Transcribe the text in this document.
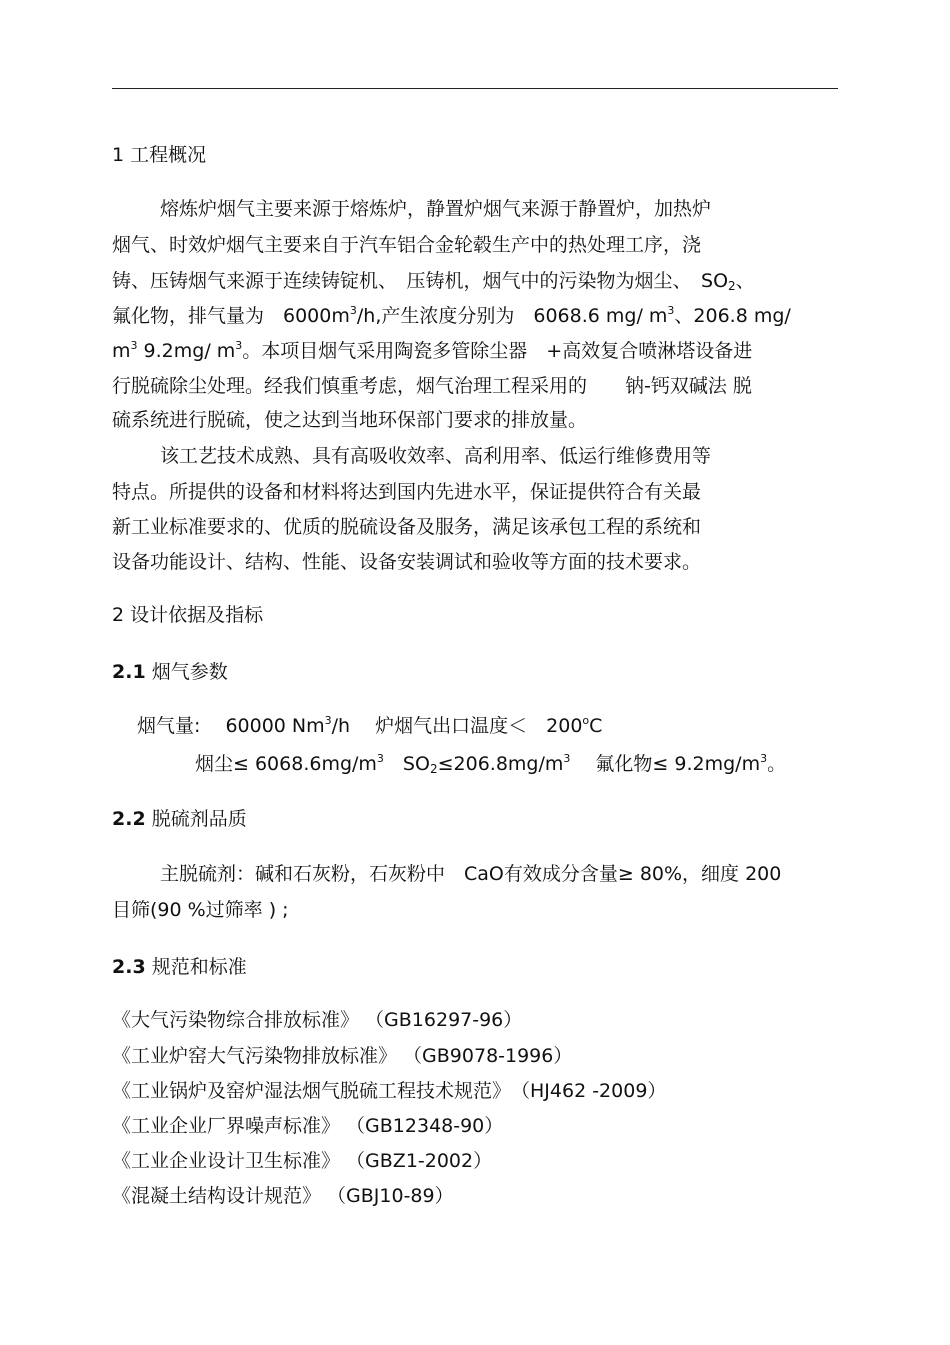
1 工程概况
熔炼炉烟气主要来源于熔炼炉，静置炉烟气来源于静置炉，加热炉
烟气、时效炉烟气主要来自于汽车铝合金轮毂生产中的热处理工序，浇
铸、压铸烟气来源于连续铸锭机、　压铸机，烟气中的污染物为烟尘、　$SO_2$、
氟化物，排气量为　$6000m^3/h$,产生浓度分别为　6068.6 mg/ $m^3$、206.8 mg/
$m^3$ 9.2mg/ $m^3$。本项目烟气采用陶瓷多管除尘器　+高效复合喷淋塔设备进
行脱硫除尘处理。经我们慎重考虑，烟气治理工程采用的　　钠-钙双碱法 脱
硫系统进行脱硫，使之达到当地环保部门要求的排放量。
该工艺技术成熟、具有高吸收效率、高利用率、低运行维修费用等
特点。所提供的设备和材料将达到国内先进水平，保证提供符合有关最
新工业标准要求的、优质的脱硫设备及服务，满足该承包工程的系统和
设备功能设计、结构、性能、设备安装调试和验收等方面的技术要求。
2 设计依据及指标
2.1 烟气参数
烟气量:　 60000 Nm$^3$/h　 炉烟气出口温度＜　$200^oC$
烟尘≤ $6068.6mg/m^3$　$SO_2\le 206.8mg/m^3$　 氟化物≤ $9.2mg/m^3$。
2.2 脱硫剂品质
主脱硫剂：碱和石灰粉，石灰粉中　CaO有效成分含量≥ 80%，细度 200
目筛(90 %过筛率 ) ;
2.3 规范和标准
《大气污染物综合排放标准》 （GB16297-96）
《工业炉窑大气污染物排放标准》 （GB9078-1996）
《工业锅炉及窑炉湿法烟气脱硫工程技术规范》　（HJ462 -2009）
《工业企业厂界噪声标准》 （GB12348-90）
《工业企业设计卫生标准》 （GBZ1-2002）
《混凝土结构设计规范》 （GBJ10-89）
